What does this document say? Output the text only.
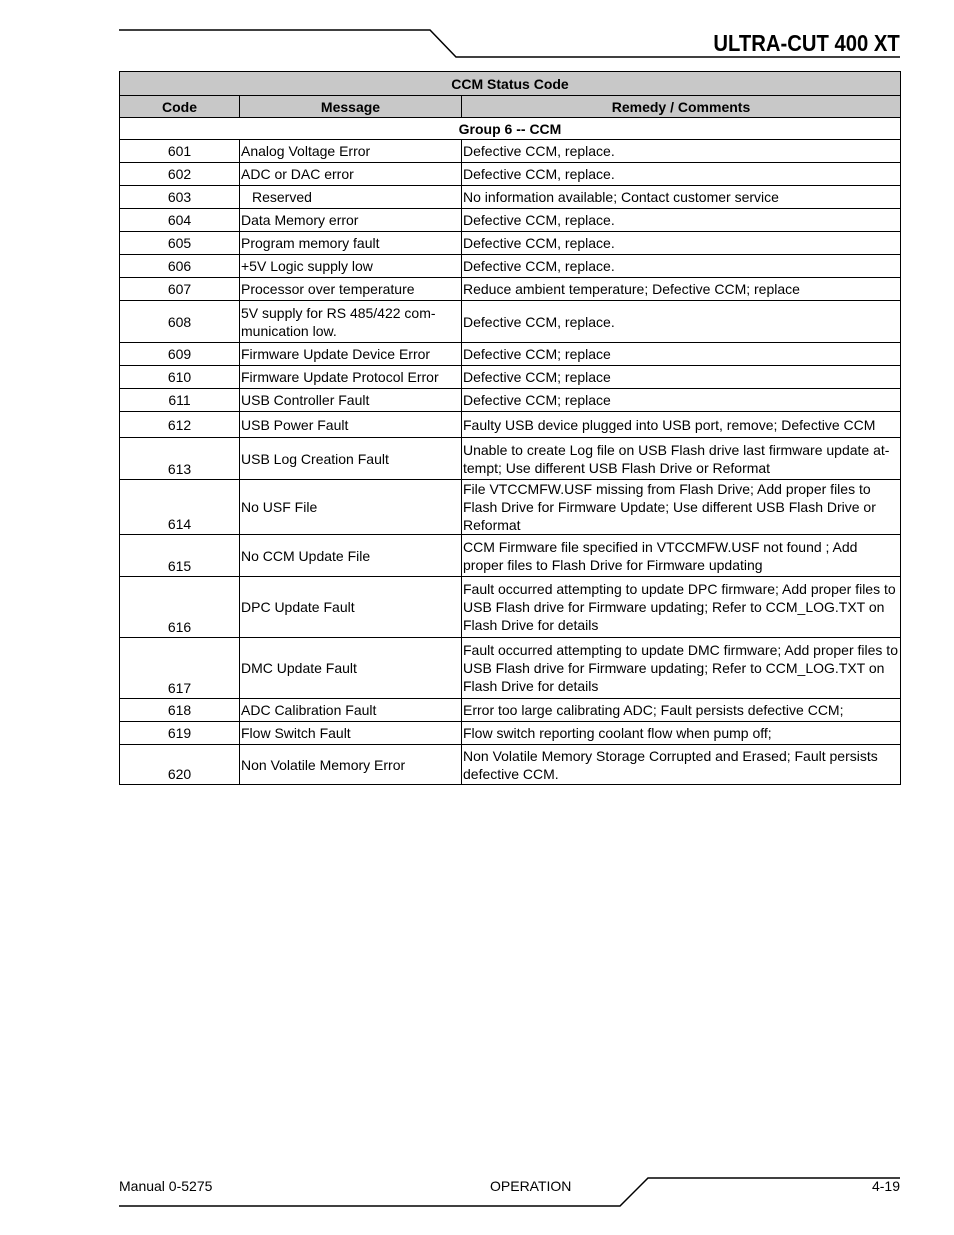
ULTRA-CUT 400 XT
CCM Status Code		
Code	Message	Remedy / Comments
Group 6 -- CCM		
601	Analog Voltage Error	Defective CCM, replace.
602	ADC or DAC error	Defective CCM, replace.
603	Reserved	No information available; Contact customer service
604	Data Memory error	Defective CCM, replace.
605	Program memory fault	Defective CCM, replace.
606	+5V Logic supply low	Defective CCM, replace.
607	Processor over temperature	Reduce ambient temperature; Defective CCM; replace
608	5V supply for RS 485/422 com-munication low.	Defective CCM, replace.
609	Firmware Update Device Error	Defective CCM; replace
610	Firmware Update Protocol Error	Defective CCM; replace
611	USB Controller Fault	Defective CCM; replace
612	USB Power Fault	Faulty USB device plugged into USB port, remove; Defective CCM
613	USB Log Creation Fault	Unable to create Log file on USB Flash drive last firmware update at-tempt; Use different USB Flash Drive or Reformat
614	No USF File	File VTCCMFW.USF missing from Flash Drive; Add proper files to Flash Drive for Firmware Update; Use different USB Flash Drive or Reformat
615	No CCM Update File	CCM Firmware file specified in VTCCMFW.USF not found ; Add proper files to Flash Drive for Firmware updating
616	DPC Update Fault	Fault occurred attempting to update DPC firmware; Add proper files to USB Flash drive for Firmware updating; Refer to CCM_LOG.TXT on Flash Drive for details
617	DMC Update Fault	Fault occurred attempting to update DMC firmware; Add proper files to USB Flash drive for Firmware updating; Refer to CCM_LOG.TXT on Flash Drive for details
618	ADC Calibration Fault	Error too large calibrating ADC; Fault persists defective CCM;
619	Flow Switch Fault	Flow switch reporting coolant flow when pump off;
620	Non Volatile Memory Error	Non Volatile Memory Storage Corrupted and Erased; Fault persists defective CCM.
Manual 0-5275	OPERATION	4-19
